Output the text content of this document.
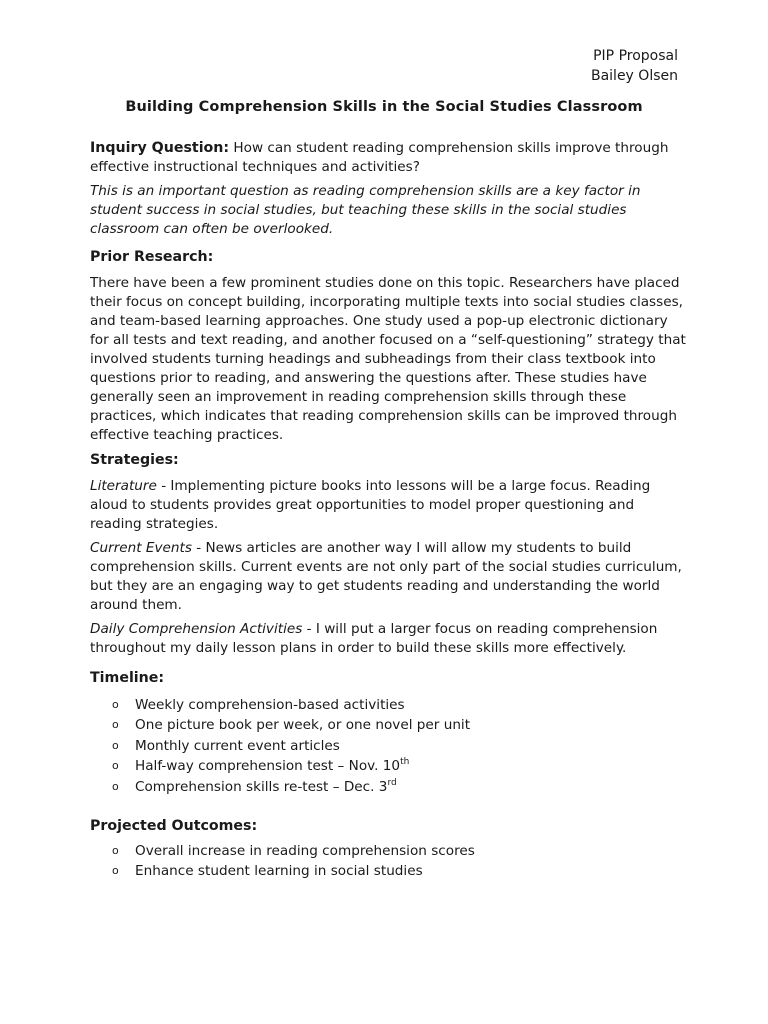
PIP Proposal
Bailey Olsen
Building Comprehension Skills in the Social Studies Classroom

Inquiry Question: How can student reading comprehension skills improve through effective instructional techniques and activities?

This is an important question as reading comprehension skills are a key factor in student success in social studies, but teaching these skills in the social studies classroom can often be overlooked.

Prior Research:

There have been a few prominent studies done on this topic. Researchers have placed their focus on concept building, incorporating multiple texts into social studies classes, and team-based learning approaches. One study used a pop-up electronic dictionary for all tests and text reading, and another focused on a “self-questioning” strategy that involved students turning headings and subheadings from their class textbook into questions prior to reading, and answering the questions after. These studies have generally seen an improvement in reading comprehension skills through these practices, which indicates that reading comprehension skills can be improved through effective teaching practices.

Strategies:

Literature - Implementing picture books into lessons will be a large focus. Reading aloud to students provides great opportunities to model proper questioning and reading strategies.

Current Events - News articles are another way I will allow my students to build comprehension skills. Current events are not only part of the social studies curriculum, but they are an engaging way to get students reading and understanding the world around them.

Daily Comprehension Activities - I will put a larger focus on reading comprehension throughout my daily lesson plans in order to build these skills more effectively.

Timeline:

o Weekly comprehension-based activities
o One picture book per week, or one novel per unit
o Monthly current event articles
o Half-way comprehension test – Nov. 10th
o Comprehension skills re-test – Dec. 3rd

Projected Outcomes:

o Overall increase in reading comprehension scores
o Enhance student learning in social studies
